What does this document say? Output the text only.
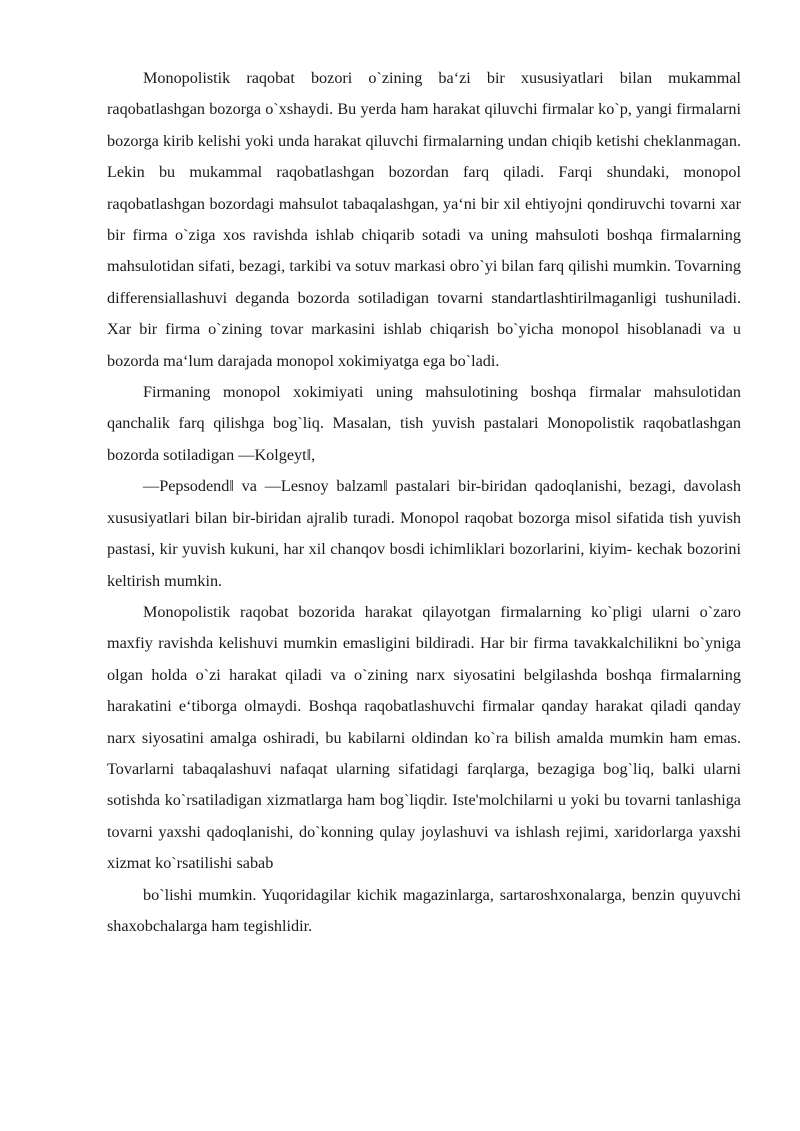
Monopolistik raqobat bozori o`zining baʻzi bir xususiyatlari bilan mukammal raqobatlashgan bozorga o`xshaydi. Bu yerda ham harakat qiluvchi firmalar ko`p, yangi firmalarni bozorga kirib kelishi yoki unda harakat qiluvchi firmalarning undan chiqib ketishi cheklanmagan. Lekin bu mukammal raqobatlashgan bozordan farq qiladi. Farqi shundaki, monopol raqobatlashgan bozordagi mahsulot tabaqalashgan, yaʻni bir xil ehtiyojni qondiruvchi tovarni xar bir firma o`ziga xos ravishda ishlab chiqarib sotadi va uning mahsuloti boshqa firmalarning mahsulotidan sifati, bezagi, tarkibi va sotuv markasi obro`yi bilan farq qilishi mumkin. Tovarning differensiallashuvi deganda bozorda sotiladigan tovarni standartlashtirilmaganligi tushuniladi. Xar bir firma o`zining tovar markasini ishlab chiqarish bo`yicha monopol hisoblanadi va u bozorda maʻlum darajada monopol xokimiyatga ega bo`ladi.

Firmaning monopol xokimiyati uning mahsulotining boshqa firmalar mahsulotidan qanchalik farq qilishga bog`liq. Masalan, tish yuvish pastalari Monopolistik raqobatlashgan bozorda sotiladigan ―Kolgeyt‖,

―Pepsodend‖ va ―Lesnoy balzam‖ pastalari bir-biridan qadoqlanishi, bezagi, davolash xususiyatlari bilan bir-biridan ajralib turadi. Monopol raqobat bozorga misol sifatida tish yuvish pastasi, kir yuvish kukuni, har xil chanqov bosdi ichimliklari bozorlarini, kiyim- kechak bozorini keltirish mumkin.

Monopolistik raqobat bozorida harakat qilayotgan firmalarning ko`pligi ularni o`zaro maxfiy ravishda kelishuvi mumkin emasligini bildiradi. Har bir firma tavakkalchilikni bo`yniga olgan holda o`zi harakat qiladi va o`zining narx siyosatini belgilashda boshqa firmalarning harakatini eʻtiborga olmaydi. Boshqa raqobatlashuvchi firmalar qanday harakat qiladi qanday narx siyosatini amalga oshiradi, bu kabilarni oldindan ko`ra bilish amalda mumkin ham emas. Tovarlarni tabaqalashuvi nafaqat ularning sifatidagi farqlarga, bezagiga bog`liq, balki ularni sotishda ko`rsatiladigan xizmatlarga ham bog`liqdir. Iste'molchilarni u yoki bu tovarni tanlashiga tovarni yaxshi qadoqlanishi, do`konning qulay joylashuvi va ishlash rejimi, xaridorlarga yaxshi xizmat ko`rsatilishi sabab

bo`lishi mumkin. Yuqoridagilar kichik magazinlarga, sartaroshxonalarga, benzin quyuvchi shaxobchalarga ham tegishlidir.
